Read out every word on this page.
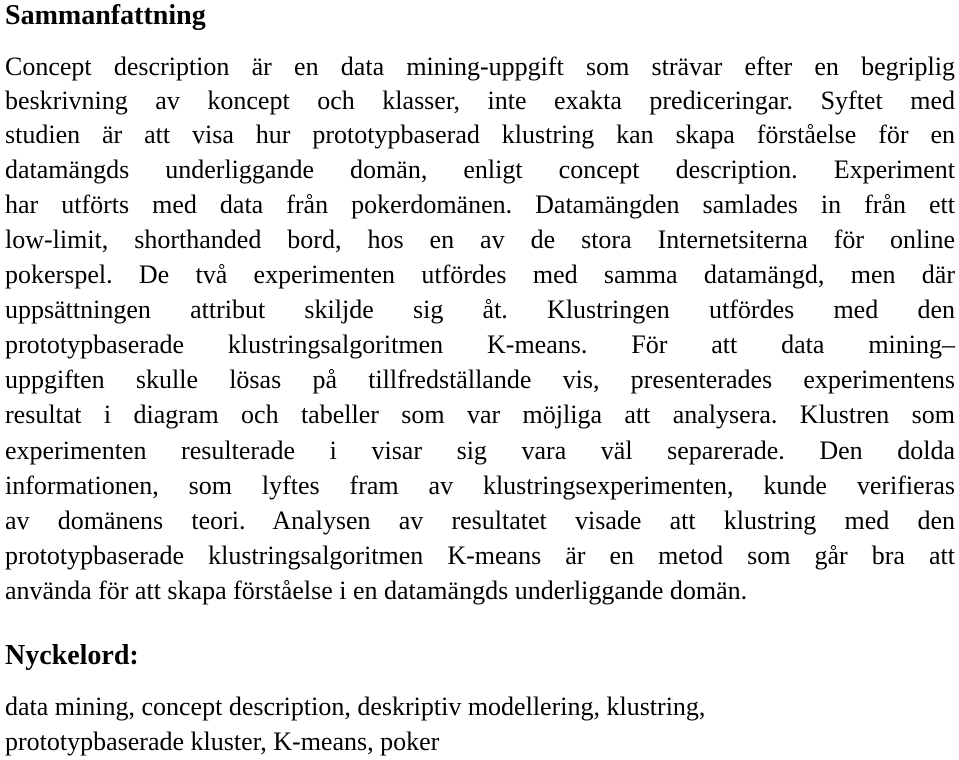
Sammanfattning
Concept description är en data mining-uppgift som strävar efter en begriplig
beskrivning av koncept och klasser, inte exakta prediceringar. Syftet med
studien är att visa hur prototypbaserad klustring kan skapa förståelse för en
datamängds underliggande domän, enligt concept description. Experiment
har utförts med data från pokerdomänen. Datamängden samlades in från ett
low-limit, shorthanded bord, hos en av de stora Internetsiterna för online
pokerspel. De två experimenten utfördes med samma datamängd, men där
uppsättningen attribut skiljde sig åt. Klustringen utfördes med den
prototypbaserade klustringsalgoritmen K-means. För att data mining–
uppgiften skulle lösas på tillfredställande vis, presenterades experimentens
resultat i diagram och tabeller som var möjliga att analysera. Klustren som
experimenten resulterade i visar sig vara väl separerade. Den dolda
informationen, som lyftes fram av klustringsexperimenten, kunde verifieras
av domänens teori. Analysen av resultatet visade att klustring med den
prototypbaserade klustringsalgoritmen K-means är en metod som går bra att
använda för att skapa förståelse i en datamängds underliggande domän.
Nyckelord:
data mining, concept description, deskriptiv modellering, klustring,
prototypbaserade kluster, K-means, poker
